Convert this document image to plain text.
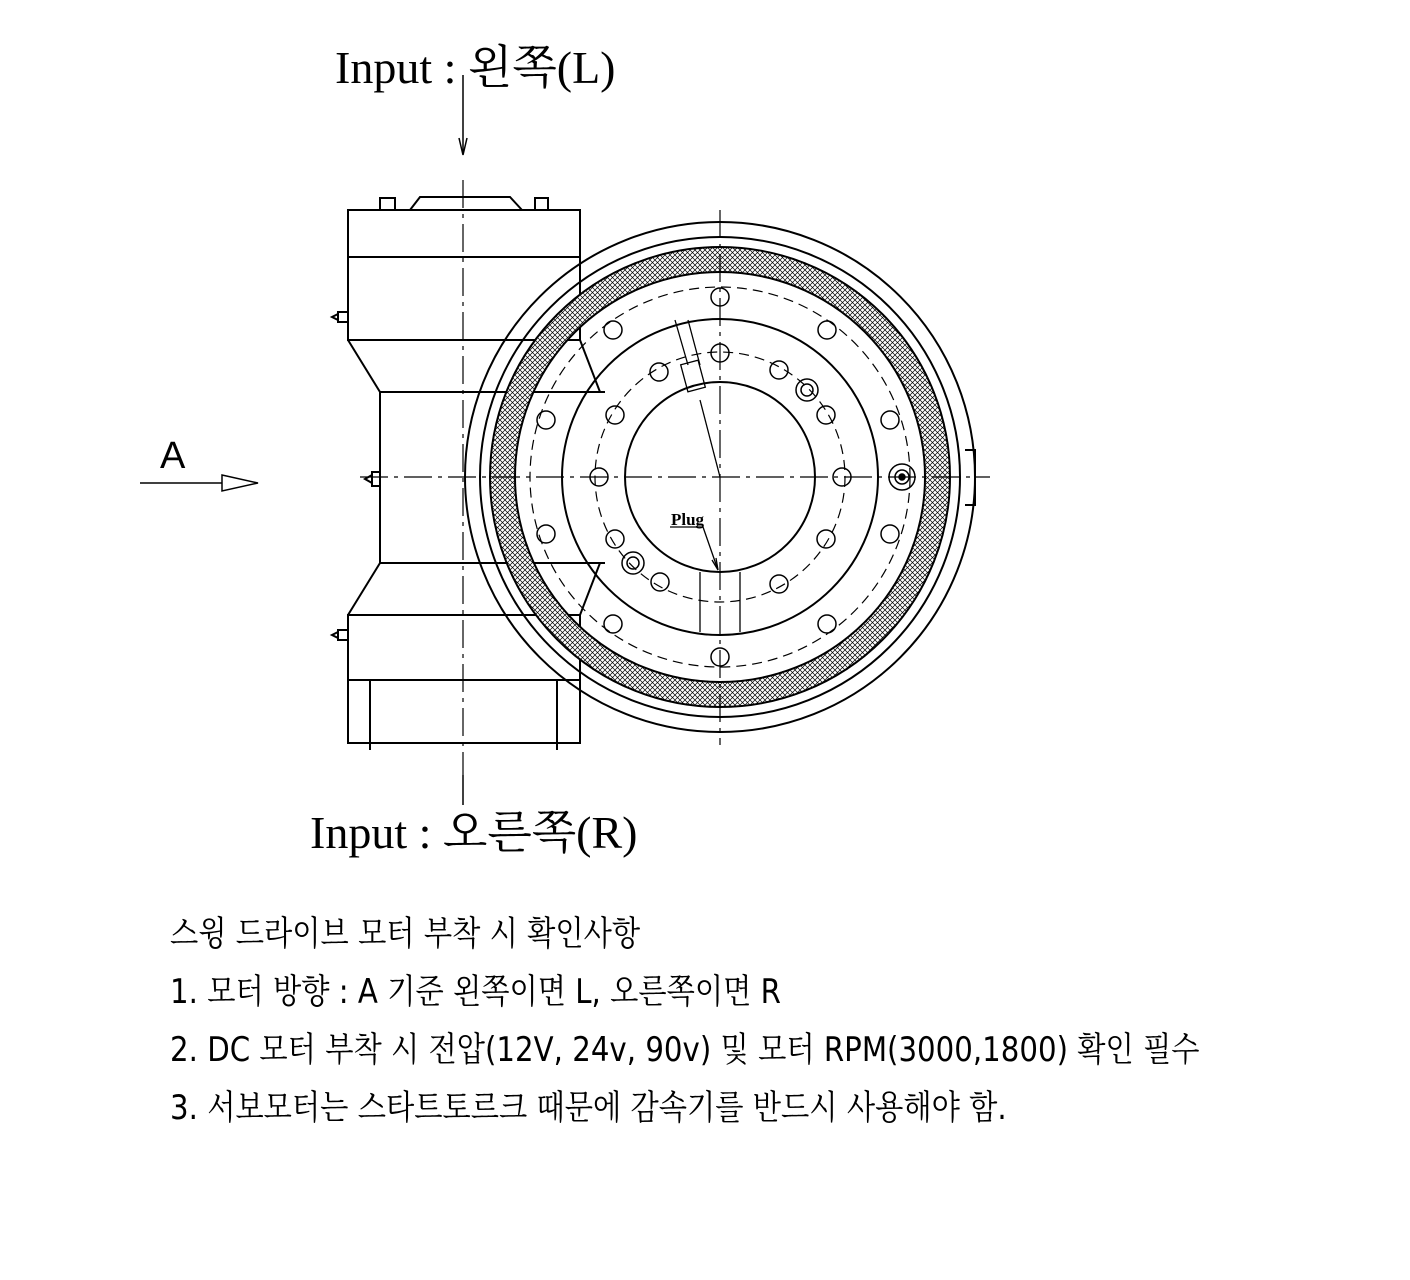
Input : 왼쪽(L)
Plug
A
Input : 오른쪽(R)
스윙 드라이브 모터 부착 시 확인사항
1. 모터 방향 : A 기준 왼쪽이면 L, 오른쪽이면 R
2. DC 모터 부착 시 전압(12V, 24v, 90v) 및 모터 RPM(3000,1800) 확인 필수
3. 서보모터는 스타트토르크 때문에 감속기를 반드시 사용해야 함.
